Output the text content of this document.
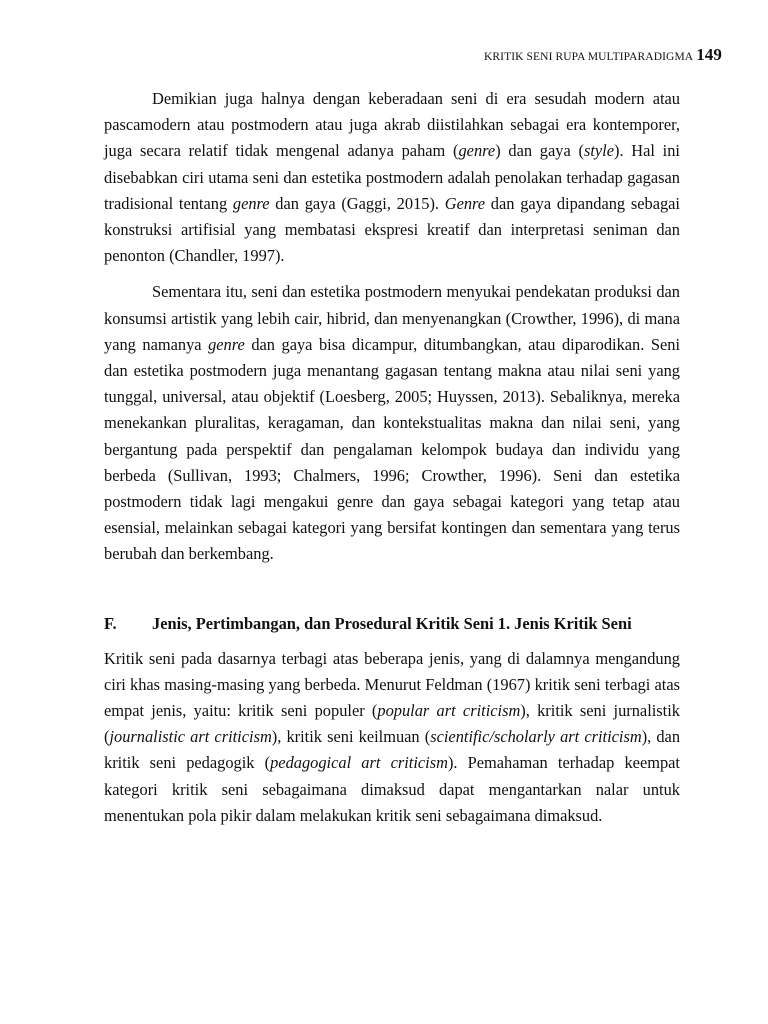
KRITIK SENI RUPA MULTIPARADIGMA 149

Demikian juga halnya dengan keberadaan seni di era sesudah modern atau pascamodern atau postmodern atau juga akrab diistilahkan sebagai era kontemporer, juga secara relatif tidak mengenal adanya paham (genre) dan gaya (style). Hal ini disebabkan ciri utama seni dan estetika postmodern adalah penolakan terhadap gagasan tradisional tentang genre dan gaya (Gaggi, 2015). Genre dan gaya dipandang sebagai konstruksi artifisial yang membatasi ekspresi kreatif dan interpretasi seniman dan penonton (Chandler, 1997).

Sementara itu, seni dan estetika postmodern menyukai pendekatan produksi dan konsumsi artistik yang lebih cair, hibrid, dan menyenangkan (Crowther, 1996), di mana yang namanya genre dan gaya bisa dicampur, ditumbangkan, atau diparodikan. Seni dan estetika postmodern juga menantang gagasan tentang makna atau nilai seni yang tunggal, universal, atau objektif (Loesberg, 2005; Huyssen, 2013). Sebaliknya, mereka menekankan pluralitas, keragaman, dan kontekstualitas makna dan nilai seni, yang bergantung pada perspektif dan pengalaman kelompok budaya dan individu yang berbeda (Sullivan, 1993; Chalmers, 1996; Crowther, 1996). Seni dan estetika postmodern tidak lagi mengakui genre dan gaya sebagai kategori yang tetap atau esensial, melainkan sebagai kategori yang bersifat kontingen dan sementara yang terus berubah dan berkembang.

F. Jenis, Pertimbangan, dan Prosedural Kritik Seni 1. Jenis Kritik Seni

Kritik seni pada dasarnya terbagi atas beberapa jenis, yang di dalamnya mengandung ciri khas masing-masing yang berbeda. Menurut Feldman (1967) kritik seni terbagi atas empat jenis, yaitu: kritik seni populer (popular art criticism), kritik seni jurnalistik (journalistic art criticism), kritik seni keilmuan (scientific/scholarly art criticism), dan kritik seni pedagogik (pedagogical art criticism). Pemahaman terhadap keempat kategori kritik seni sebagaimana dimaksud dapat mengantarkan nalar untuk menentukan pola pikir dalam melakukan kritik seni sebagaimana dimaksud.
